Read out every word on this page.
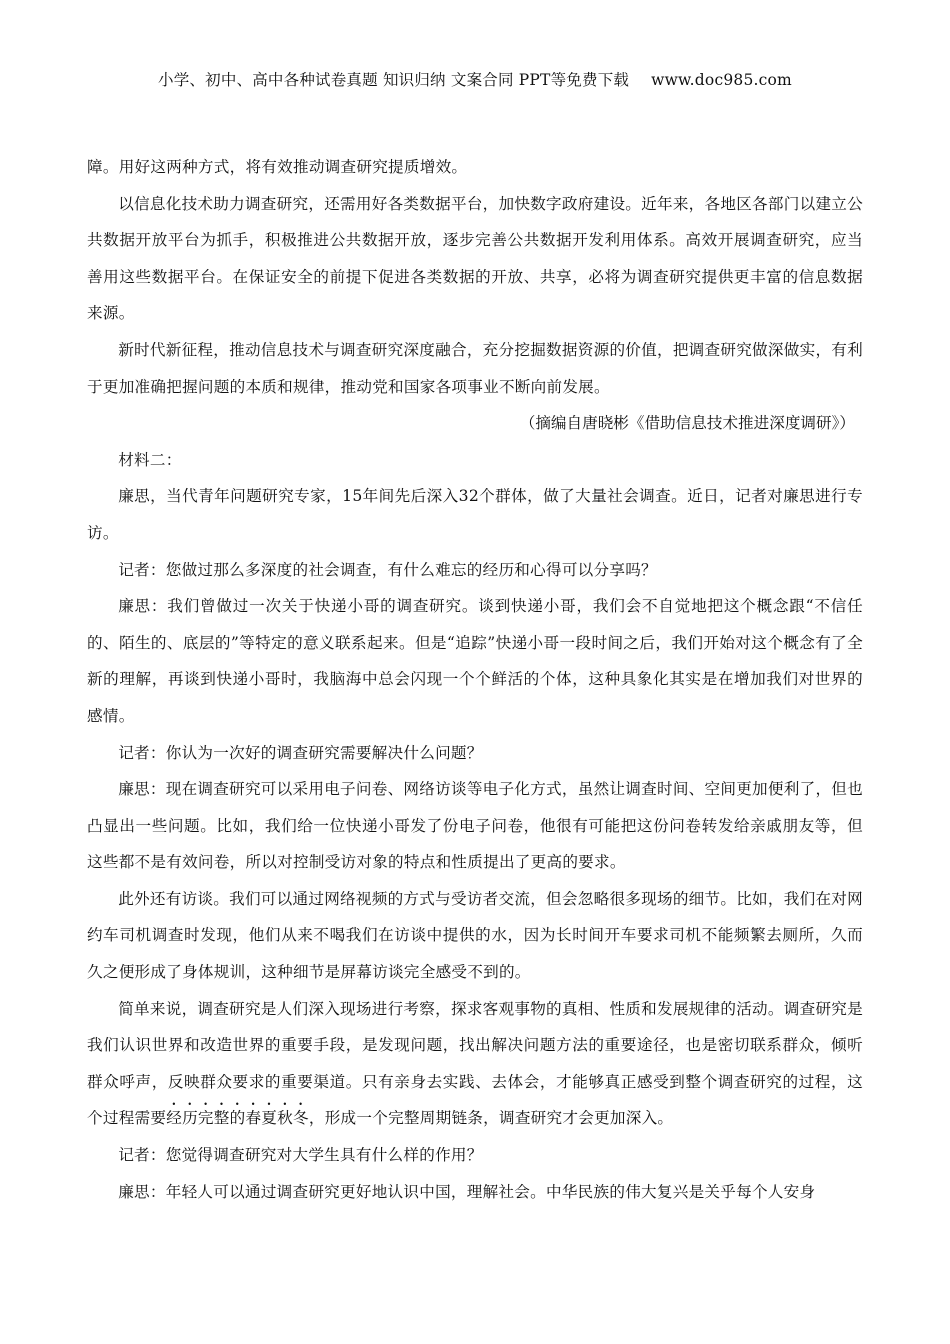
小学、初中、高中各种试卷真题 知识归纳 文案合同 PPT等免费下载 www.doc985.com

障。用好这两种方式，将有效推动调查研究提质增效。

以信息化技术助力调查研究，还需用好各类数据平台，加快数字政府建设。近年来，各地区各部门以建立公共数据开放平台为抓手，积极推进公共数据开放，逐步完善公共数据开发利用体系。高效开展调查研究，应当善用这些数据平台。在保证安全的前提下促进各类数据的开放、共享，必将为调查研究提供更丰富的信息数据来源。

新时代新征程，推动信息技术与调查研究深度融合，充分挖掘数据资源的价值，把调查研究做深做实，有利于更加准确把握问题的本质和规律，推动党和国家各项事业不断向前发展。

（摘编自唐晓彬《借助信息技术推进深度调研》）

材料二：

廉思，当代青年问题研究专家，15年间先后深入32个群体，做了大量社会调查。近日，记者对廉思进行专访。

记者：您做过那么多深度的社会调查，有什么难忘的经历和心得可以分享吗？

廉思：我们曾做过一次关于快递小哥的调查研究。谈到快递小哥，我们会不自觉地把这个概念跟“不信任的、陌生的、底层的”等特定的意义联系起来。但是“追踪”快递小哥一段时间之后，我们开始对这个概念有了全新的理解，再谈到快递小哥时，我脑海中总会闪现一个个鲜活的个体，这种具象化其实是在增加我们对世界的感情。

记者：你认为一次好的调查研究需要解决什么问题？

廉思：现在调查研究可以采用电子问卷、网络访谈等电子化方式，虽然让调查时间、空间更加便利了，但也凸显出一些问题。比如，我们给一位快递小哥发了份电子问卷，他很有可能把这份问卷转发给亲戚朋友等，但这些都不是有效问卷，所以对控制受访对象的特点和性质提出了更高的要求。

此外还有访谈。我们可以通过网络视频的方式与受访者交流，但会忽略很多现场的细节。比如，我们在对网约车司机调查时发现，他们从来不喝我们在访谈中提供的水，因为长时间开车要求司机不能频繁去厕所，久而久之便形成了身体规训，这种细节是屏幕访谈完全感受不到的。

简单来说，调查研究是人们深入现场进行考察，探求客观事物的真相、性质和发展规律的活动。调查研究是我们认识世界和改造世界的重要手段，是发现问题，找出解决问题方法的重要途径，也是密切联系群众，倾听群众呼声，反映群众要求的重要渠道。只有亲身去实践、去体会，才能够真正感受到整个调查研究的过程，这个过程需要经历完整的春夏秋冬，形成一个完整周期链条，调查研究才会更加深入。

记者：您觉得调查研究对大学生具有什么样的作用？

廉思：年轻人可以通过调查研究更好地认识中国，理解社会。中华民族的伟大复兴是关乎每个人安身
